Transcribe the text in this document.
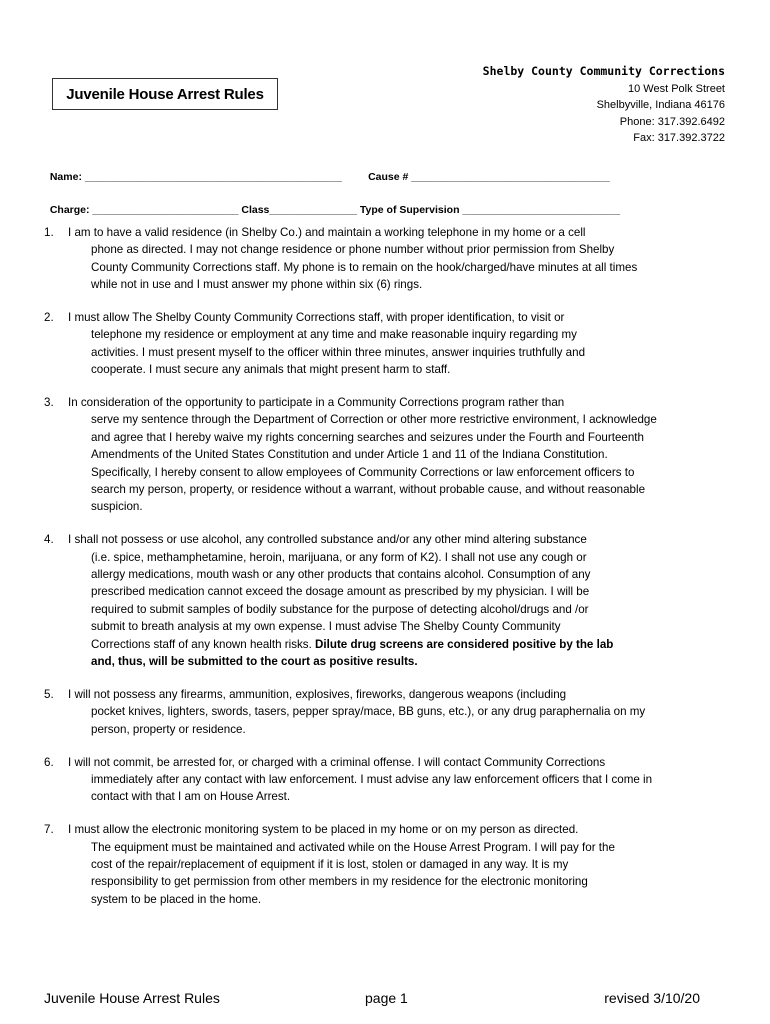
Juvenile House Arrest Rules
Shelby County Community Corrections
10 West Polk Street
Shelbyville, Indiana 46176
Phone: 317.392.6492
Fax: 317.392.3722

Name: ____________________________________________	Cause # __________________________________

Charge: _________________________ Class_______________ Type of Supervision ___________________________

1.	I am to have a valid residence (in Shelby Co.) and maintain a working telephone in my home or a cell
phone as directed. I may not change residence or phone number without prior permission from Shelby
County Community Corrections staff. My phone is to remain on the hook/charged/have minutes at all times
while not in use and I must answer my phone within six (6) rings.
2.	I must allow The Shelby County Community Corrections staff, with proper identification, to visit or
telephone my residence or employment at any time and make reasonable inquiry regarding my
activities. I must present myself to the officer within three minutes, answer inquiries truthfully and
cooperate. I must secure any animals that might present harm to staff.
3.	In consideration of the opportunity to participate in a Community Corrections program rather than
serve my sentence through the Department of Correction or other more restrictive environment, I acknowledge
and agree that I hereby waive my rights concerning searches and seizures under the Fourth and Fourteenth
Amendments of the United States Constitution and under Article 1 and 11 of the Indiana Constitution.
Specifically, I hereby consent to allow employees of Community Corrections or law enforcement officers to
search my person, property, or residence without a warrant, without probable cause, and without reasonable
suspicion.
4.	I shall not possess or use alcohol, any controlled substance and/or any other mind altering substance
(i.e. spice, methamphetamine, heroin, marijuana, or any form of K2). I shall not use any cough or
allergy medications, mouth wash or any other products that contains alcohol. Consumption of any
prescribed medication cannot exceed the dosage amount as prescribed by my physician. I will be
required to submit samples of bodily substance for the purpose of detecting alcohol/drugs and /or
submit to breath analysis at my own expense. I must advise The Shelby County Community
Corrections staff of any known health risks. Dilute drug screens are considered positive by the lab
and, thus, will be submitted to the court as positive results.
5.	I will not possess any firearms, ammunition, explosives, fireworks, dangerous weapons (including
pocket knives, lighters, swords, tasers, pepper spray/mace, BB guns, etc.), or any drug paraphernalia on my
person, property or residence.
6.	I will not commit, be arrested for, or charged with a criminal offense. I will contact Community Corrections
immediately after any contact with law enforcement. I must advise any law enforcement officers that I come in
contact with that I am on House Arrest.
7.	I must allow the electronic monitoring system to be placed in my home or on my person as directed.
The equipment must be maintained and activated while on the House Arrest Program. I will pay for the
cost of the repair/replacement of equipment if it is lost, stolen or damaged in any way. It is my
responsibility to get permission from other members in my residence for the electronic monitoring
system to be placed in the home.
Juvenile House Arrest Rules	page 1	revised 3/10/20
